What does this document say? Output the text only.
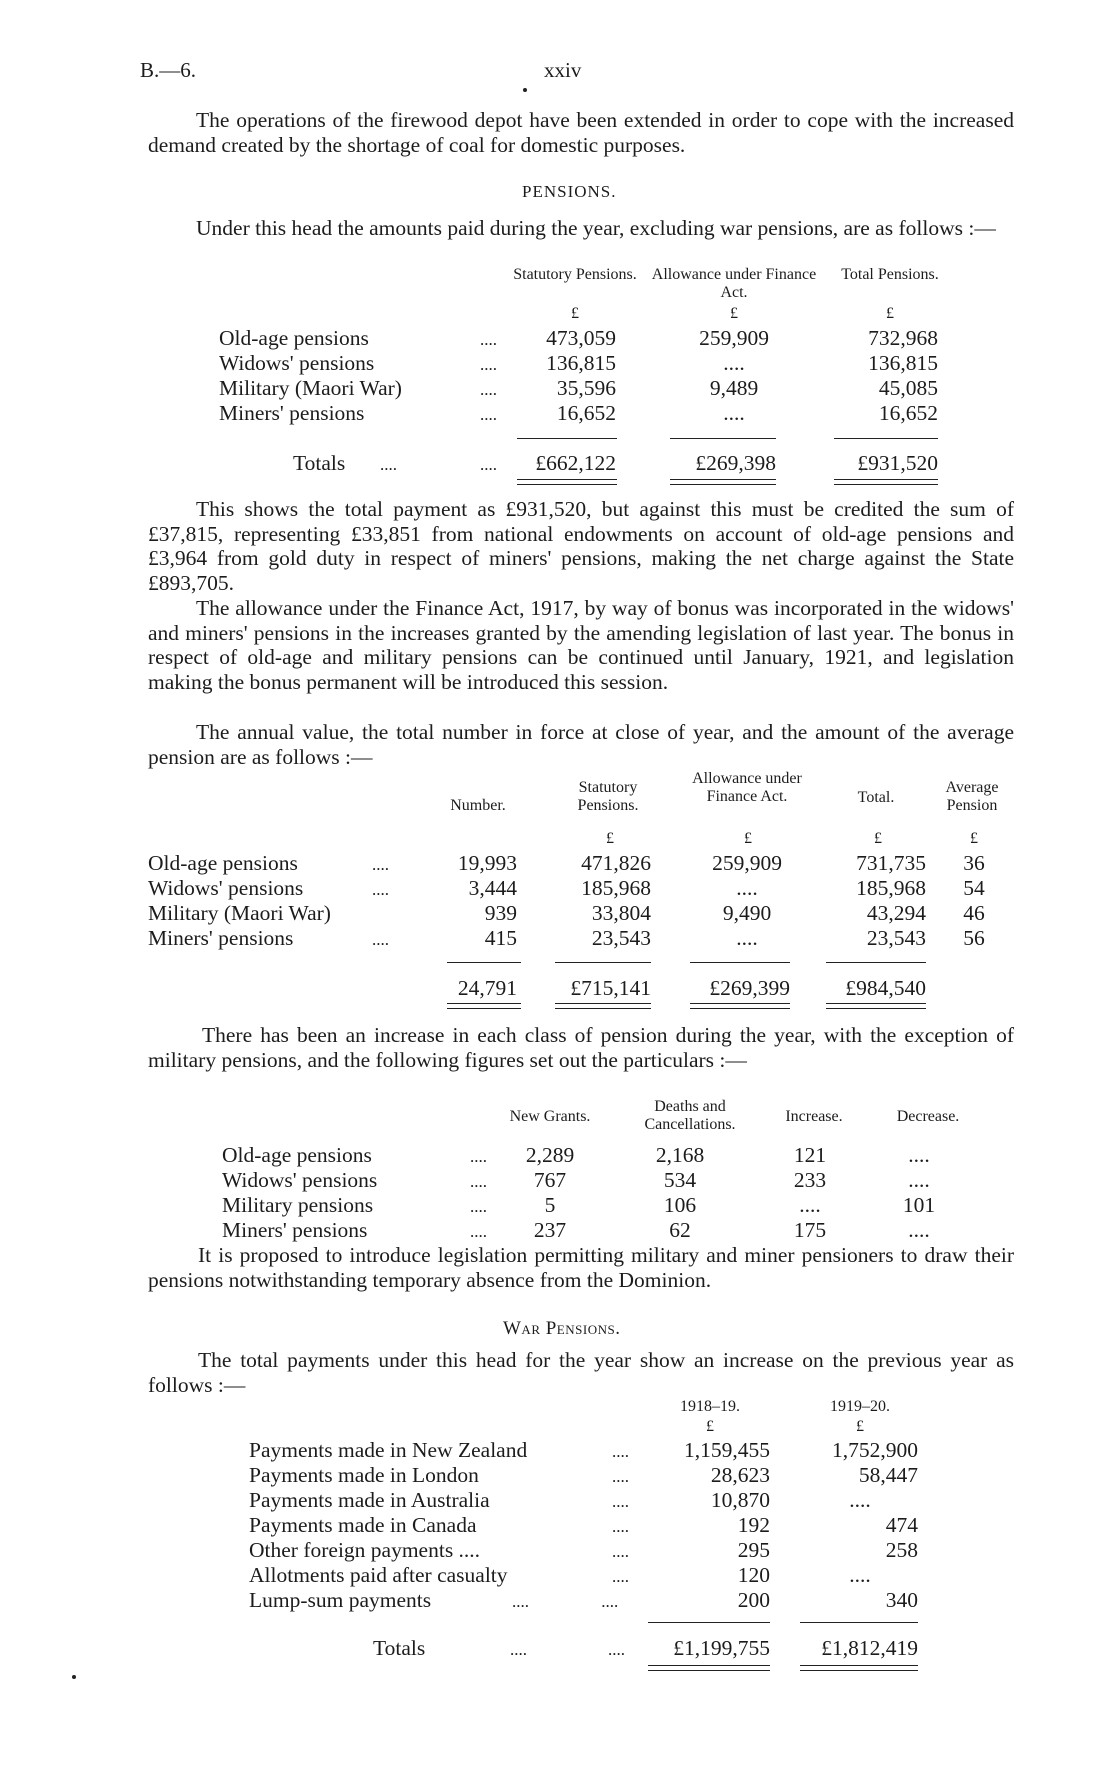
B.—6.	xxiv
The operations of the firewood depot have been extended in order to cope with the increased demand created by the shortage of coal for domestic purposes.
PENSIONS.
Under this head the amounts paid during the year, excluding war pensions, are as follows :—
Statutory Pensions. Allowance under Finance Act.
Total Pensions.
£	£	£
Old-age pensions	....	473,059	259,909	732,968
Widows' pensions	....	136,815	....	136,815
Military (Maori War)	....	35,596	9,489	45,085
Miners' pensions	....	16,652	....	16,652
Totals ....	....	£662,122	£269,398	£931,520
This shows the total payment as £931,520, but against this must be credited the sum of £37,815, representing £33,851 from national endowments on account of old-age pensions and £3,964 from gold duty in respect of miners' pensions, making the net charge against the State £893,705.
The allowance under the Finance Act, 1917, by way of bonus was incorporated in the widows' and miners' pensions in the increases granted by the amending legislation of last year. The bonus in respect of old-age and military pensions can be continued until January, 1921, and legislation making the bonus permanent will be introduced this session.
The annual value, the total number in force at close of year, and the amount of the average pension are as follows :—
Number.
Statutory Pensions.
Allowance under Finance Act.	Total.
Average Pension
£	£	£	£
Old-age pensions	....	19,993	471,826	259,909	731,735	36
Widows' pensions	....	3,444	185,968	....	185,968	54
Military (Maori War)	939	33,804	9,490	43,294	46
Miners' pensions	....	415	23,543	....	23,543	56
24,791	£715,141	£269,399	£984,540
There has been an increase in each class of pension during the year, with the exception of military pensions, and the following figures set out the particulars :—
New Grants.
Deaths and Cancellations.	Increase.	Decrease.
Old-age pensions	....	2,289	2,168	121	....
Widows' pensions	....	767	534	233	....
Military pensions	....	5	106	....	101
Miners' pensions	....	237	62	175	....
It is proposed to introduce legislation permitting military and miner pensioners to draw their pensions notwithstanding temporary absence from the Dominion.
War Pensions.
The total payments under this head for the year show an increase on the previous year as follows :—
1918–19.	1919–20.
£	£
Payments made in New Zealand	....	1,159,455	1,752,900
Payments made in London	....	28,623	58,447
Payments made in Australia	....	10,870	....
Payments made in Canada	....	192	474
Other foreign payments ....	....	295	258
Allotments paid after casualty	....	120	....
Lump-sum payments	.... ....	200	340
Totals	....	....	£1,199,755	£1,812,419
